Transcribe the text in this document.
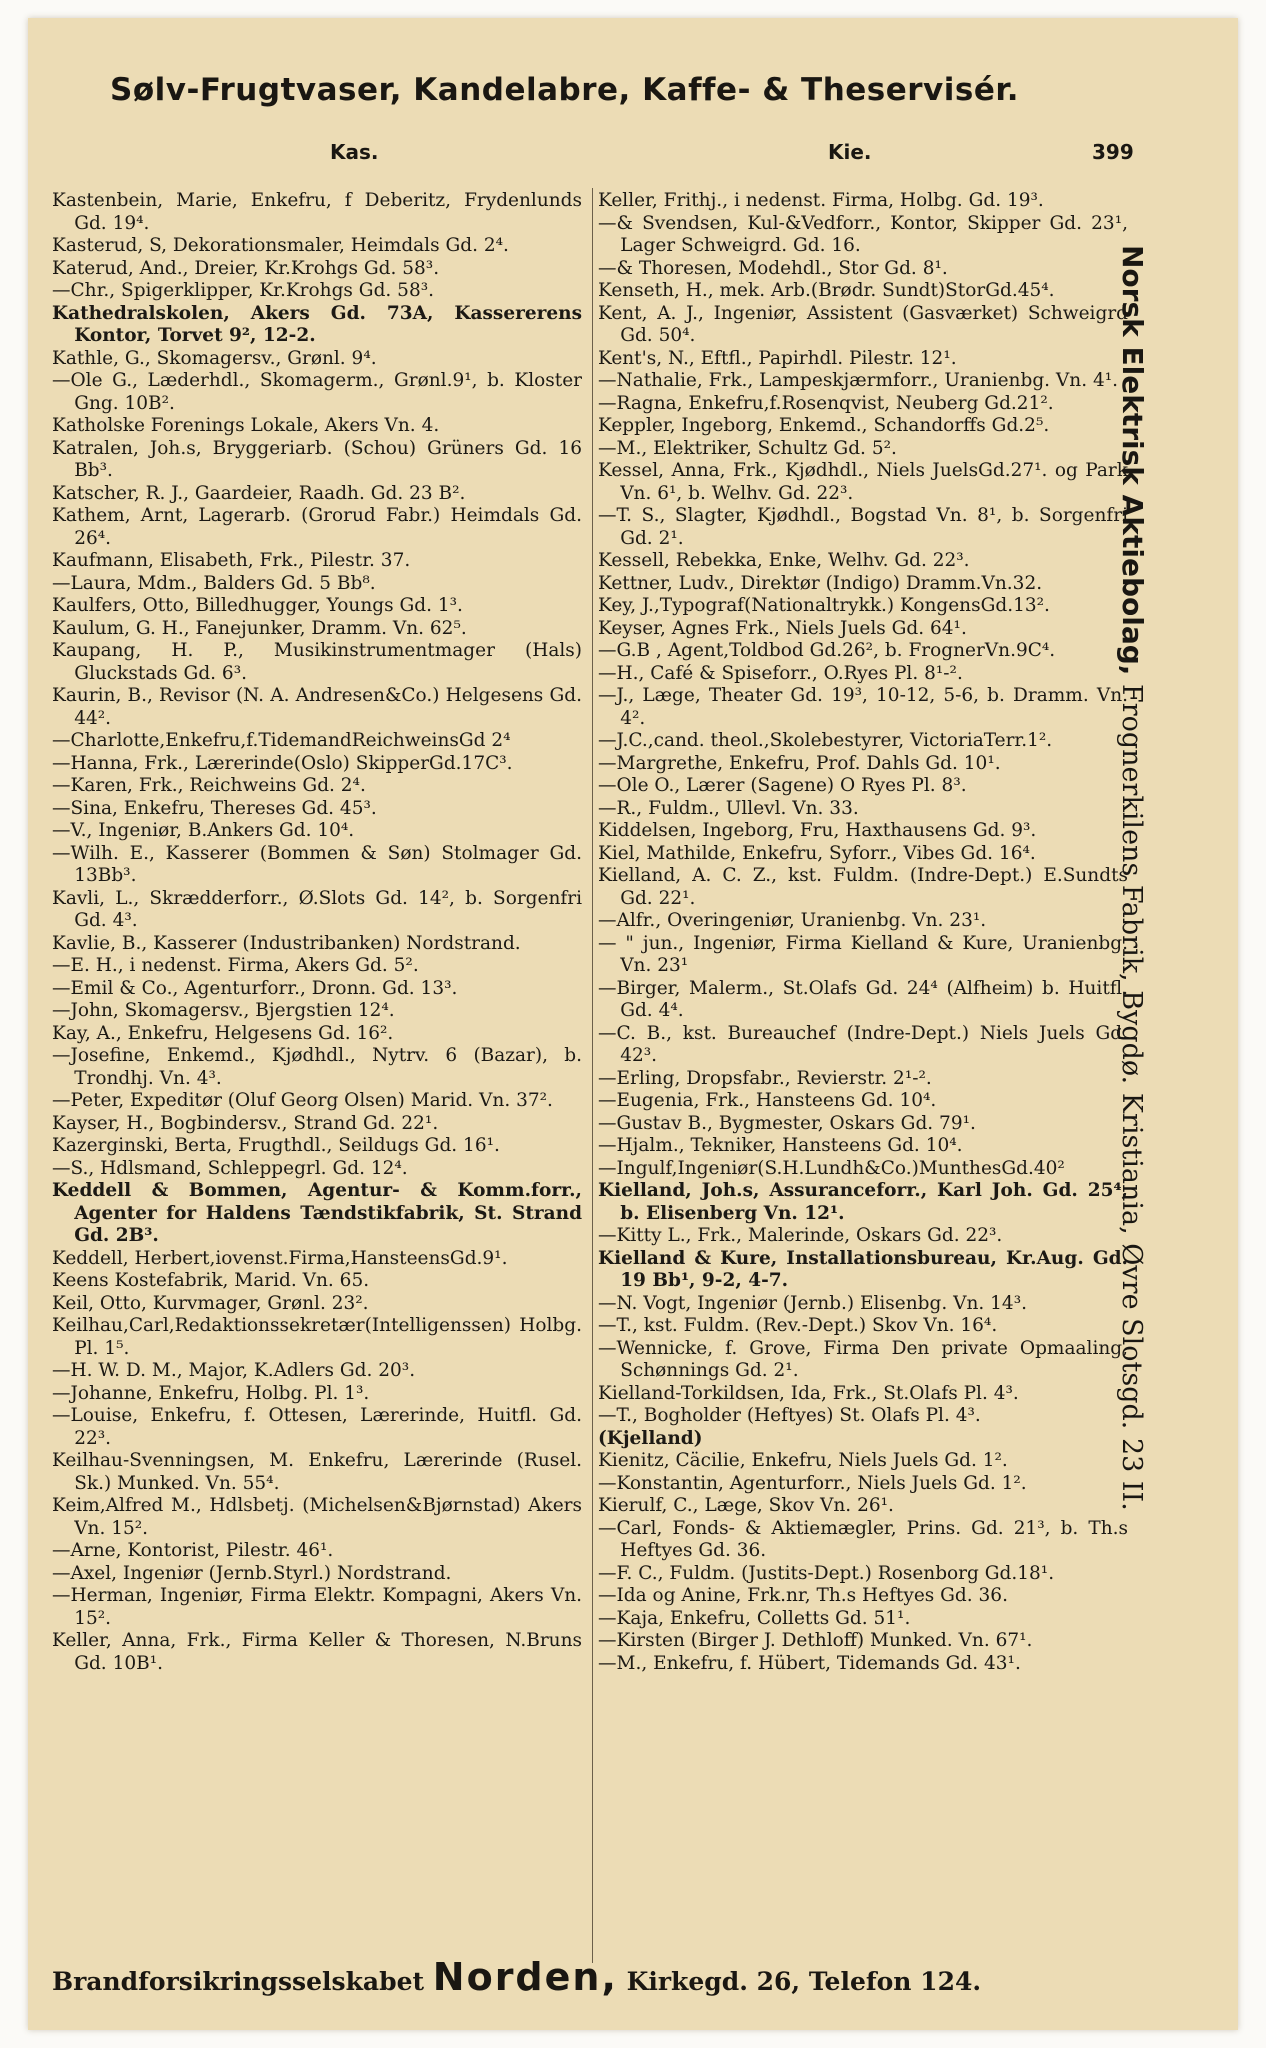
Sølv-Frugtvaser, Kandelabre, Kaffe- & Theservisér.
Kas.	Kie.	399
Kastenbein, Marie, Enkefru, f Deberitz, Frydenlunds Gd. 19⁴.
Kasterud, S, Dekorationsmaler, Heimdals Gd. 2⁴.
Katerud, And., Dreier, Kr.Krohgs Gd. 58³.
—Chr., Spigerklipper, Kr.Krohgs Gd. 58³.
Kathedralskolen, Akers Gd. 73A, Kassererens Kontor, Torvet 9², 12-2.
Kathle, G., Skomagersv., Grønl. 9⁴.
—Ole G., Læderhdl., Skomagerm., Grønl.9¹, b. Kloster Gng. 10B².
Katholske Forenings Lokale, Akers Vn. 4.
Katralen, Joh.s, Bryggeriarb. (Schou) Grüners Gd. 16 Bb³.
Katscher, R. J., Gaardeier, Raadh. Gd. 23 B².
Kathem, Arnt, Lagerarb. (Grorud Fabr.) Heimdals Gd. 26⁴.
Kaufmann, Elisabeth, Frk., Pilestr. 37.
—Laura, Mdm., Balders Gd. 5 Bb⁸.
Kaulfers, Otto, Billedhugger, Youngs Gd. 1³.
Kaulum, G. H., Fanejunker, Dramm. Vn. 62⁵.
Kaupang, H. P., Musikinstrumentmager (Hals) Gluckstads Gd. 6³.
Kaurin, B., Revisor (N. A. Andresen&Co.) Helgesens Gd. 44².
—Charlotte,Enkefru,f.TidemandReichweinsGd 2⁴
—Hanna, Frk., Lærerinde(Oslo) SkipperGd.17C³.
—Karen, Frk., Reichweins Gd. 2⁴.
—Sina, Enkefru, Thereses Gd. 45³.
—V., Ingeniør, B.Ankers Gd. 10⁴.
—Wilh. E., Kasserer (Bommen & Søn) Stolmager Gd. 13Bb³.
Kavli, L., Skrædderforr., Ø.Slots Gd. 14², b. Sorgenfri Gd. 4³.
Kavlie, B., Kasserer (Industribanken) Nordstrand.
—E. H., i nedenst. Firma, Akers Gd. 5².
—Emil & Co., Agenturforr., Dronn. Gd. 13³.
—John, Skomagersv., Bjergstien 12⁴.
Kay, A., Enkefru, Helgesens Gd. 16².
—Josefine, Enkemd., Kjødhdl., Nytrv. 6 (Bazar), b. Trondhj. Vn. 4³.
—Peter, Expeditør (Oluf Georg Olsen) Marid. Vn. 37².
Kayser, H., Bogbindersv., Strand Gd. 22¹.
Kazerginski, Berta, Frugthdl., Seildugs Gd. 16¹.
—S., Hdlsmand, Schleppegrl. Gd. 12⁴.
Keddell & Bommen, Agentur- & Komm.forr., Agenter for Haldens Tændstikfabrik, St. Strand Gd. 2B³.
Keddell, Herbert,iovenst.Firma,HansteensGd.9¹.
Keens Kostefabrik, Marid. Vn. 65.
Keil, Otto, Kurvmager, Grønl. 23².
Keilhau,Carl,Redaktionssekretær(Intelligenssen) Holbg. Pl. 1⁵.
—H. W. D. M., Major, K.Adlers Gd. 20³.
—Johanne, Enkefru, Holbg. Pl. 1³.
—Louise, Enkefru, f. Ottesen, Lærerinde, Huitfl. Gd. 22³.
Keilhau-Svenningsen, M. Enkefru, Lærerinde (Rusel. Sk.) Munked. Vn. 55⁴.
Keim,Alfred M., Hdlsbetj. (Michelsen&Bjørnstad) Akers Vn. 15².
—Arne, Kontorist, Pilestr. 46¹.
—Axel, Ingeniør (Jernb.Styrl.) Nordstrand.
—Herman, Ingeniør, Firma Elektr. Kompagni, Akers Vn. 15².
Keller, Anna, Frk., Firma Keller & Thoresen, N.Bruns Gd. 10B¹.
Keller, Frithj., i nedenst. Firma, Holbg. Gd. 19³.
—& Svendsen, Kul-&Vedforr., Kontor, Skipper Gd. 23¹, Lager Schweigrd. Gd. 16.
—& Thoresen, Modehdl., Stor Gd. 8¹.
Kenseth, H., mek. Arb.(Brødr. Sundt)StorGd.45⁴.
Kent, A. J., Ingeniør, Assistent (Gasværket) Schweigrd Gd. 50⁴.
Kent's, N., Eftfl., Papirhdl. Pilestr. 12¹.
—Nathalie, Frk., Lampeskjærmforr., Uranienbg. Vn. 4¹.
—Ragna, Enkefru,f.Rosenqvist, Neuberg Gd.21².
Keppler, Ingeborg, Enkemd., Schandorffs Gd.2⁵.
—M., Elektriker, Schultz Gd. 5².
Kessel, Anna, Frk., Kjødhdl., Niels JuelsGd.27¹. og Park Vn. 6¹, b. Welhv. Gd. 22³.
—T. S., Slagter, Kjødhdl., Bogstad Vn. 8¹, b. Sorgenfri Gd. 2¹.
Kessell, Rebekka, Enke, Welhv. Gd. 22³.
Kettner, Ludv., Direktør (Indigo) Dramm.Vn.32.
Key, J.,Typograf(Nationaltrykk.) KongensGd.13².
Keyser, Agnes Frk., Niels Juels Gd. 64¹.
—G.B , Agent,Toldbod Gd.26², b. FrognerVn.9C⁴.
—H., Café & Spiseforr., O.Ryes Pl. 8¹-².
—J., Læge, Theater Gd. 19³, 10-12, 5-6, b. Dramm. Vn. 4².
—J.C.,cand. theol.,Skolebestyrer, VictoriaTerr.1².
—Margrethe, Enkefru, Prof. Dahls Gd. 10¹.
—Ole O., Lærer (Sagene) O Ryes Pl. 8³.
—R., Fuldm., Ullevl. Vn. 33.
Kiddelsen, Ingeborg, Fru, Haxthausens Gd. 9³.
Kiel, Mathilde, Enkefru, Syforr., Vibes Gd. 16⁴.
Kielland, A. C. Z., kst. Fuldm. (Indre-Dept.) E.Sundts Gd. 22¹.
—Alfr., Overingeniør, Uranienbg. Vn. 23¹.
— " jun., Ingeniør, Firma Kielland & Kure, Uranienbg. Vn. 23¹
—Birger, Malerm., St.Olafs Gd. 24⁴ (Alfheim) b. Huitfl. Gd. 4⁴.
—C. B., kst. Bureauchef (Indre-Dept.) Niels Juels Gd. 42³.
—Erling, Dropsfabr., Revierstr. 2¹-².
—Eugenia, Frk., Hansteens Gd. 10⁴.
—Gustav B., Bygmester, Oskars Gd. 79¹.
—Hjalm., Tekniker, Hansteens Gd. 10⁴.
—Ingulf,Ingeniør(S.H.Lundh&Co.)MunthesGd.40²
Kielland, Joh.s, Assuranceforr., Karl Joh. Gd. 25⁴, b. Elisenberg Vn. 12¹.
—Kitty L., Frk., Malerinde, Oskars Gd. 22³.
Kielland & Kure, Installationsbureau, Kr.Aug. Gd. 19 Bb¹, 9-2, 4-7.
—N. Vogt, Ingeniør (Jernb.) Elisenbg. Vn. 14³.
—T., kst. Fuldm. (Rev.-Dept.) Skov Vn. 16⁴.
—Wennicke, f. Grove, Firma Den private Opmaaling, Schønnings Gd. 2¹.
Kielland-Torkildsen, Ida, Frk., St.Olafs Pl. 4³.
—T., Bogholder (Heftyes) St. Olafs Pl. 4³.
(Kjelland)
Kienitz, Cäcilie, Enkefru, Niels Juels Gd. 1².
—Konstantin, Agenturforr., Niels Juels Gd. 1².
Kierulf, C., Læge, Skov Vn. 26¹.
—Carl, Fonds- & Aktiemægler, Prins. Gd. 21³, b. Th.s Heftyes Gd. 36.
—F. C., Fuldm. (Justits-Dept.) Rosenborg Gd.18¹.
—Ida og Anine, Frk.nr, Th.s Heftyes Gd. 36.
—Kaja, Enkefru, Colletts Gd. 51¹.
—Kirsten (Birger J. Dethloff) Munked. Vn. 67¹.
—M., Enkefru, f. Hübert, Tidemands Gd. 43¹.
Norsk Elektrisk Aktiebolag, Frognerkilens Fabrik, Bygdø. Kristiania, Øvre Slotsgd. 23 II.
Brandforsikringsselskabet Norden, Kirkegd. 26, Telefon 124.
